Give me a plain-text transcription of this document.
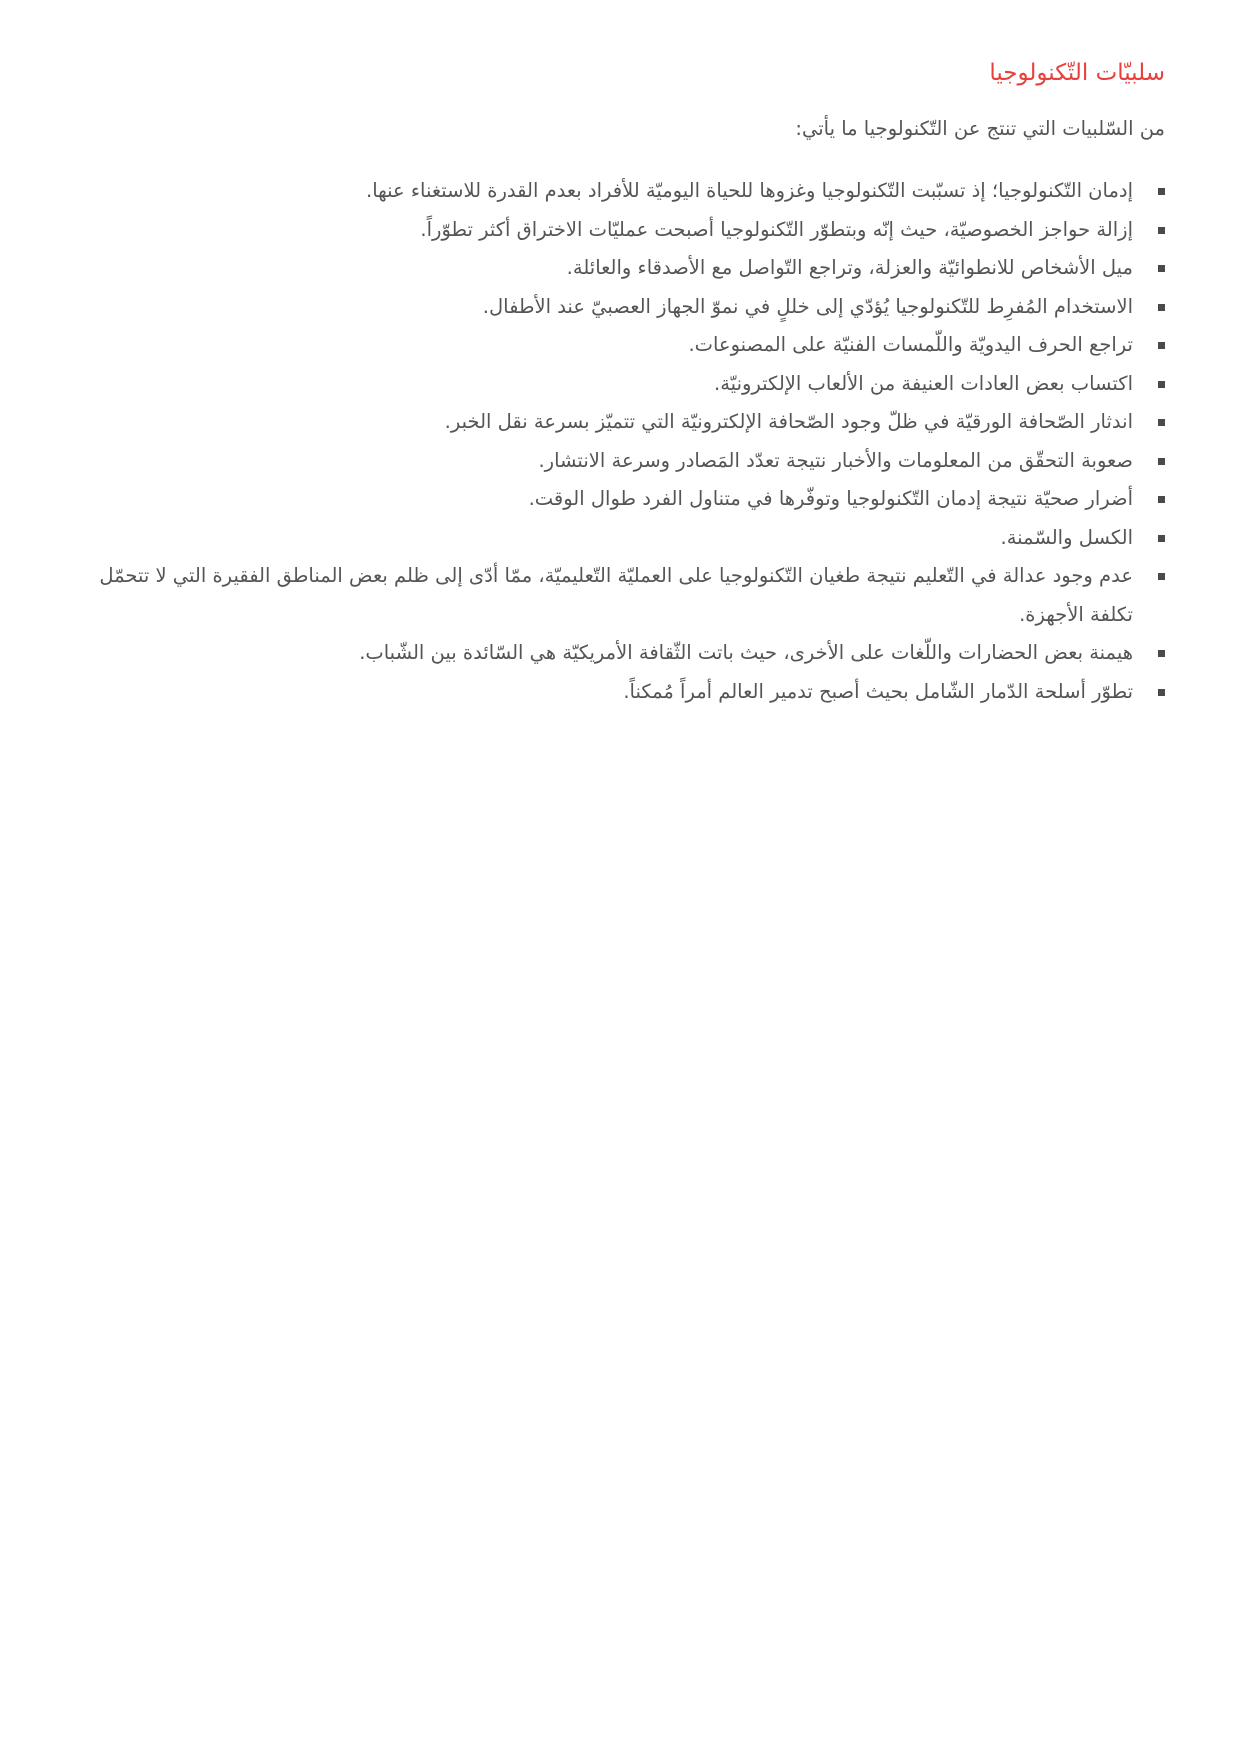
سلبيّات التّكنولوجيا

من السّلبيات التي تنتج عن التّكنولوجيا ما يأتي:

إدمان التّكنولوجيا؛ إذ تسبّبت التّكنولوجيا وغزوها للحياة اليوميّة للأفراد بعدم القدرة للاستغناء عنها.
إزالة حواجز الخصوصيّة، حيث إنّه وبتطوّر التّكنولوجيا أصبحت عمليّات الاختراق أكثر تطوّراً.
ميل الأشخاص للانطوائيّة والعزلة، وتراجع التّواصل مع الأصدقاء والعائلة.
الاستخدام المُفرِط للتّكنولوجيا يُؤدّي إلى خللٍ في نموّ الجهاز العصبيّ عند الأطفال.
تراجع الحرف اليدويّة واللّمسات الفنيّة على المصنوعات.
اكتساب بعض العادات العنيفة من الألعاب الإلكترونيّة.
اندثار الصّحافة الورقيّة في ظلّ وجود الصّحافة الإلكترونيّة التي تتميّز بسرعة نقل الخبر.
صعوبة التحقّق من المعلومات والأخبار نتيجة تعدّد المَصادر وسرعة الانتشار.
أضرار صحيّة نتيجة إدمان التّكنولوجيا وتوفّرها في متناول الفرد طوال الوقت.
الكسل والسّمنة.
عدم وجود عدالة في التّعليم نتيجة طغيان التّكنولوجيا على العمليّة التّعليميّة، ممّا أدّى إلى ظلم بعض المناطق الفقيرة التي لا تتحمّل تكلفة الأجهزة.
هيمنة بعض الحضارات واللّغات على الأخرى، حيث باتت الثّقافة الأمريكيّة هي السّائدة بين الشّباب.
تطوّر أسلحة الدّمار الشّامل بحيث أصبح تدمير العالم أمراً مُمكناً.
